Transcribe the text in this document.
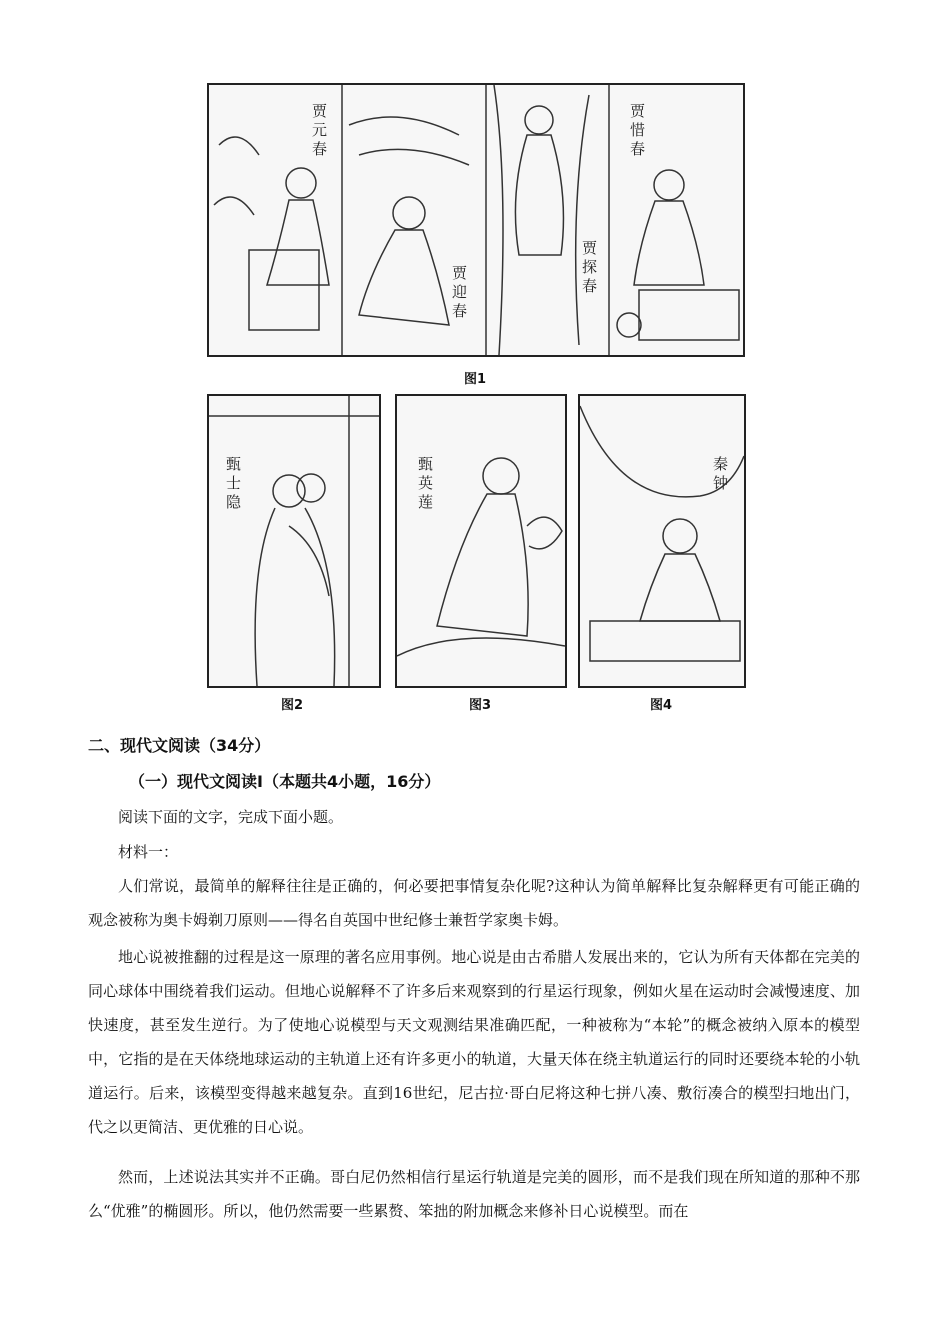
贾元春
贾迎春	贾探春
贾惜春
图1
甄士隐
图2
甄英莲
图3
秦钟
图4
二、现代文阅读（34分）
（一）现代文阅读Ⅰ（本题共4小题，16分）
阅读下面的文字，完成下面小题。
材料一：
人们常说，最简单的解释往往是正确的，何必要把事情复杂化呢?这种认为简单解释比复杂解释更有可能正确的观念被称为奥卡姆剃刀原则——得名自英国中世纪修士兼哲学家奥卡姆。
地心说被推翻的过程是这一原理的著名应用事例。地心说是由古希腊人发展出来的，它认为所有天体都在完美的同心球体中围绕着我们运动。但地心说解释不了许多后来观察到的行星运行现象，例如火星在运动时会减慢速度、加快速度，甚至发生逆行。为了使地心说模型与天文观测结果准确匹配，一种被称为“本轮”的概念被纳入原本的模型中，它指的是在天体绕地球运动的主轨道上还有许多更小的轨道，大量天体在绕主轨道运行的同时还要绕本轮的小轨道运行。后来，该模型变得越来越复杂。直到16世纪，尼古拉·哥白尼将这种七拼八凑、敷衍凑合的模型扫地出门，代之以更简洁、更优雅的日心说。
然而，上述说法其实并不正确。哥白尼仍然相信行星运行轨道是完美的圆形，而不是我们现在所知道的那种不那么“优雅”的椭圆形。所以，他仍然需要一些累赘、笨拙的附加概念来修补日心说模型。而在
